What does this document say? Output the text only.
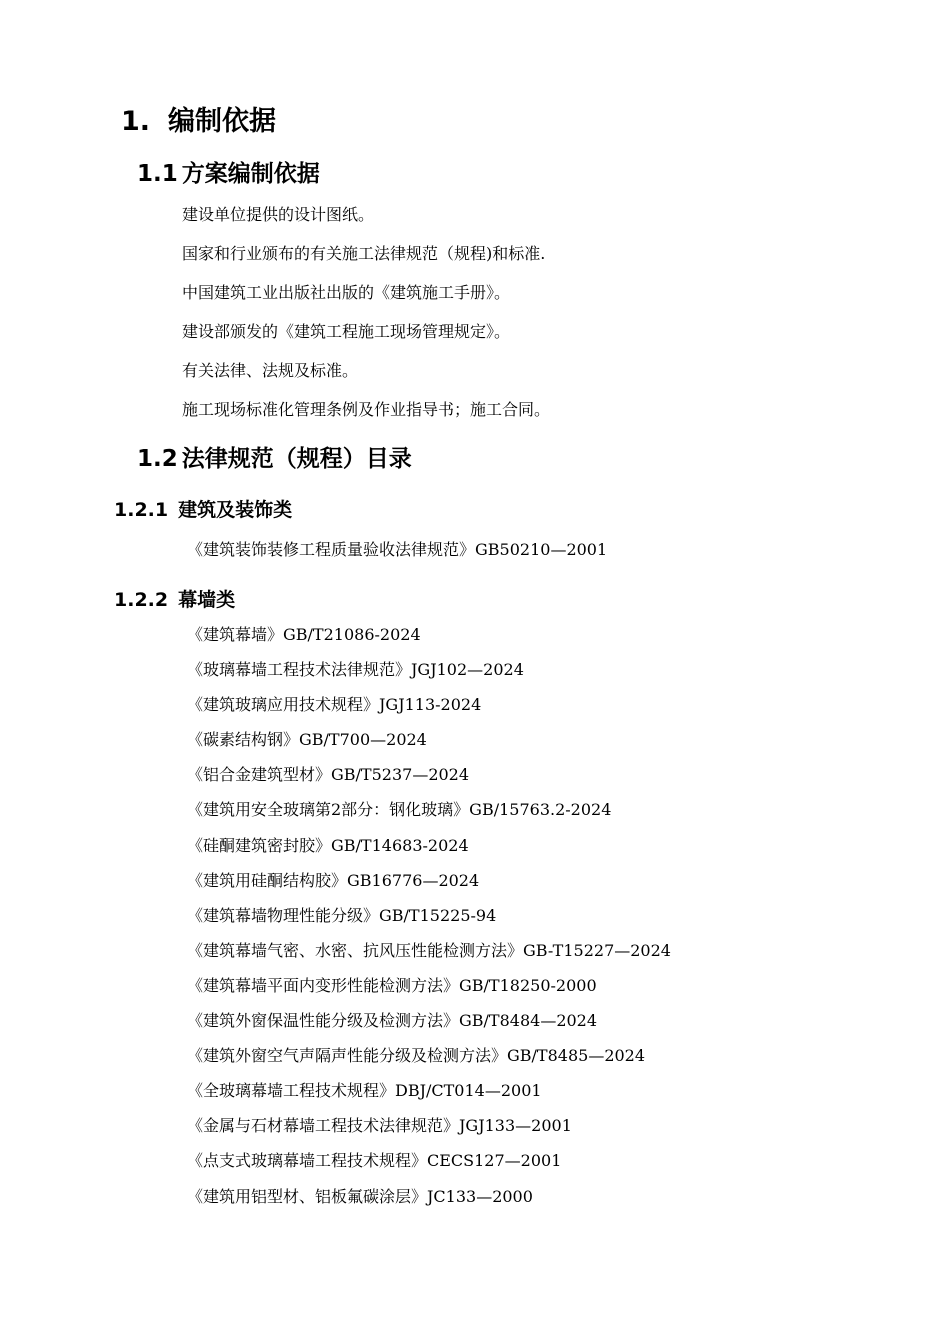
1. 编制依据
1.1 方案编制依据
建设单位提供的设计图纸。
国家和行业颁布的有关施工法律规范（规程)和标准.
中国建筑工业出版社出版的《建筑施工手册》。
建设部颁发的《建筑工程施工现场管理规定》。
有关法律、法规及标准。
施工现场标准化管理条例及作业指导书；施工合同。
1.2 法律规范（规程）目录
1.2.1 建筑及装饰类
《建筑装饰装修工程质量验收法律规范》GB50210—2001
1.2.2 幕墙类
《建筑幕墙》GB/T21086-2024
《玻璃幕墙工程技术法律规范》JGJ102—2024
《建筑玻璃应用技术规程》JGJ113-2024
《碳素结构钢》GB/T700—2024
《铝合金建筑型材》GB/T5237—2024
《建筑用安全玻璃第2部分：钢化玻璃》GB/15763.2-2024
《硅酮建筑密封胶》GB/T14683-2024
《建筑用硅酮结构胶》GB16776—2024
《建筑幕墙物理性能分级》GB/T15225-94
《建筑幕墙气密、水密、抗风压性能检测方法》GB-T15227—2024
《建筑幕墙平面内变形性能检测方法》GB/T18250-2000
《建筑外窗保温性能分级及检测方法》GB/T8484—2024
《建筑外窗空气声隔声性能分级及检测方法》GB/T8485—2024
《全玻璃幕墙工程技术规程》DBJ/CT014—2001
《金属与石材幕墙工程技术法律规范》JGJ133—2001
《点支式玻璃幕墙工程技术规程》CECS127—2001
《建筑用铝型材、铝板氟碳涂层》JC133—2000
